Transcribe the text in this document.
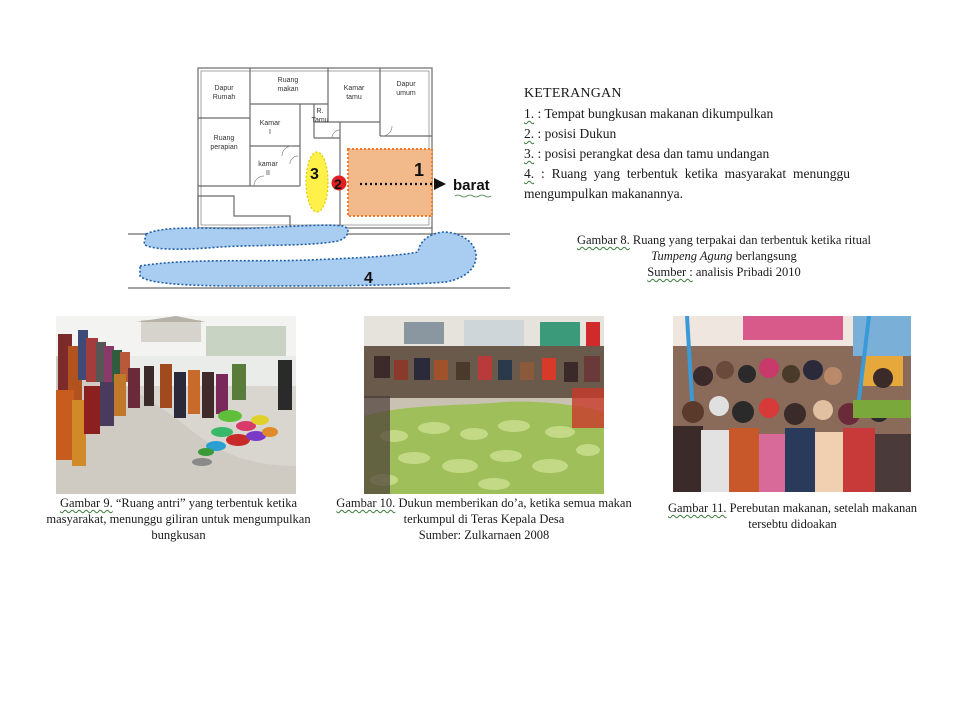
Dapur
Rumah
Ruang
makan	Kamar
tamu
Dapur
umum
Kamar
I
R.
Tamu
Ruang
perapian
kamar
II	1
barat
3
2
4
KETERANGAN
1. : Tempat bungkusan makanan dikumpulkan
2. : posisi Dukun
3. : posisi perangkat desa dan tamu undangan
4. : Ruang yang terbentuk ketika masyarakat menunggu mengumpulkan makanannya.
Gambar 8. Ruang yang terpakai dan terbentuk ketika ritual
Tumpeng Agung berlangsung
Sumber : analisis Pribadi 2010
Gambar 9. “Ruang antri” yang terbentuk ketika masyarakat, menunggu giliran untuk mengumpulkan bungkusan
Gambar 10. Dukun memberikan do’a, ketika semua makan terkumpul di Teras Kepala Desa
Sumber: Zulkarnaen 2008
Gambar 11. Perebutan makanan, setelah makanan tersebtu didoakan
